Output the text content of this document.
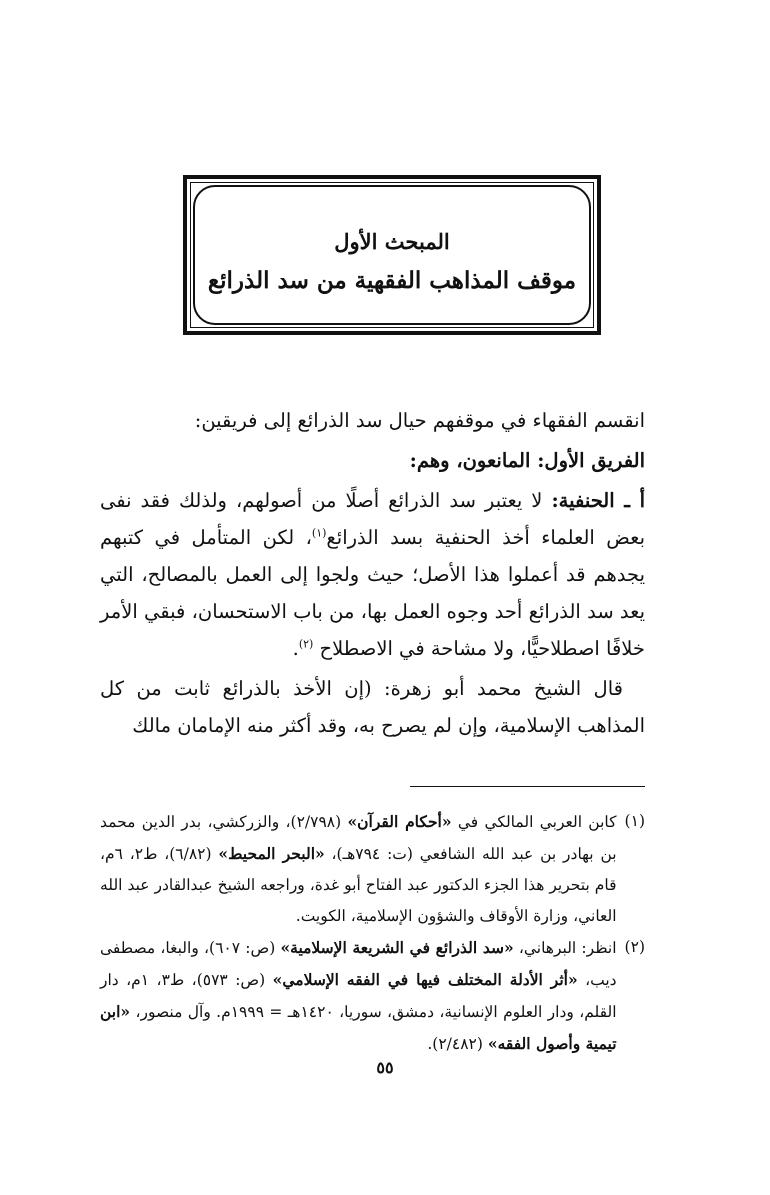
المبحث الأول
موقف المذاهب الفقهية من سد الذرائع

انقسم الفقهاء في موقفهم حيال سد الذرائع إلى فريقين:

الفريق الأول: المانعون، وهم:

أ ـ الحنفية: لا يعتبر سد الذرائع أصلًا من أصولهم، ولذلك فقد نفى بعض العلماء أخذ الحنفية بسد الذرائع$^{(١)}$، لكن المتأمل في كتبهم يجدهم قد أعملوا هذا الأصل؛ حيث ولجوا إلى العمل بالمصالح، التي يعد سد الذرائع أحد وجوه العمل بها، من باب الاستحسان، فبقي الأمر خلافًا اصطلاحيًّا، ولا مشاحة في الاصطلاح $^{(٢)}$.

قال الشيخ محمد أبو زهرة: (إن الأخذ بالذرائع ثابت من كل المذاهب الإسلامية، وإن لم يصرح به، وقد أكثر منه الإمامان مالك

(١)
كابن العربي المالكي في «أحكام القرآن» (٢/٧٩٨)، والزركشي، بدر الدين محمد بن بهادر بن عبد الله الشافعي (ت: ٧٩٤هـ)، «البحر المحيط» (٦/٨٢)، ط٢، ٦م، قام بتحرير هذا الجزء الدكتور عبد الفتاح أبو غدة، وراجعه الشيخ عبدالقادر عبد الله العاني، وزارة الأوقاف والشؤون الإسلامية، الكويت.
(٢)
انظر: البرهاني، «سد الذرائع في الشريعة الإسلامية» (ص: ٦٠٧)، والبغا، مصطفى ديب، «أثر الأدلة المختلف فيها في الفقه الإسلامي» (ص: ٥٧٣)، ط٣، ١م، دار القلم، ودار العلوم الإنسانية، دمشق، سوريا، ١٤٢٠هـ = ١٩٩٩م. وآل منصور، «ابن تيمية وأصول الفقه» (٢/٤٨٢).
٥٥
